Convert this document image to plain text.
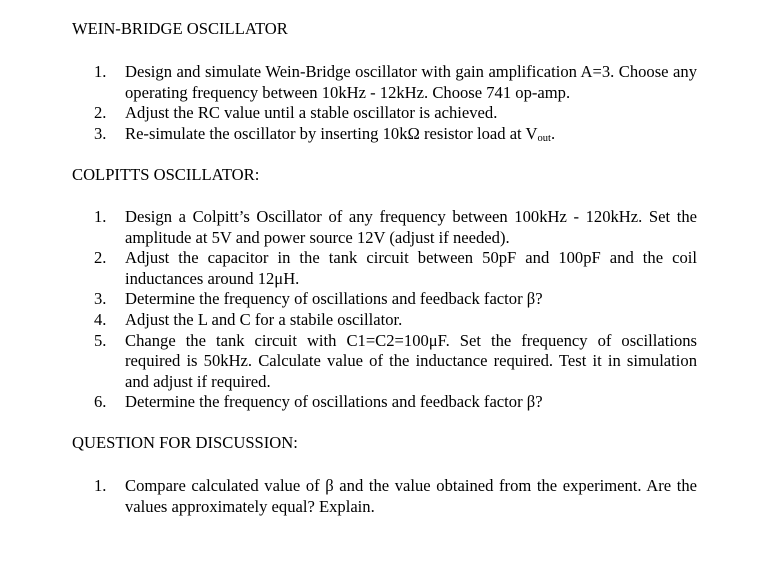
WEIN-BRIDGE OSCILLATOR
1. Design and simulate Wein-Bridge oscillator with gain amplification A=3. Choose any operating frequency between 10kHz - 12kHz. Choose 741 op-amp.
2. Adjust the RC value until a stable oscillator is achieved.
3. Re-simulate the oscillator by inserting 10kΩ resistor load at $V_{out}$.
COLPITTS OSCILLATOR:
1. Design a Colpitt’s Oscillator of any frequency between 100kHz - 120kHz. Set the amplitude at 5V and power source 12V (adjust if needed).
2. Adjust the capacitor in the tank circuit between 50pF and 100pF and the coil inductances around 12μH.
3. Determine the frequency of oscillations and feedback factor β?
4. Adjust the L and C for a stabile oscillator.
5. Change the tank circuit with C1=C2=100μF. Set the frequency of oscillations required is 50kHz. Calculate value of the inductance required. Test it in simulation and adjust if required.
6. Determine the frequency of oscillations and feedback factor β?
QUESTION FOR DISCUSSION:
1. Compare calculated value of β and the value obtained from the experiment. Are the values approximately equal? Explain.
